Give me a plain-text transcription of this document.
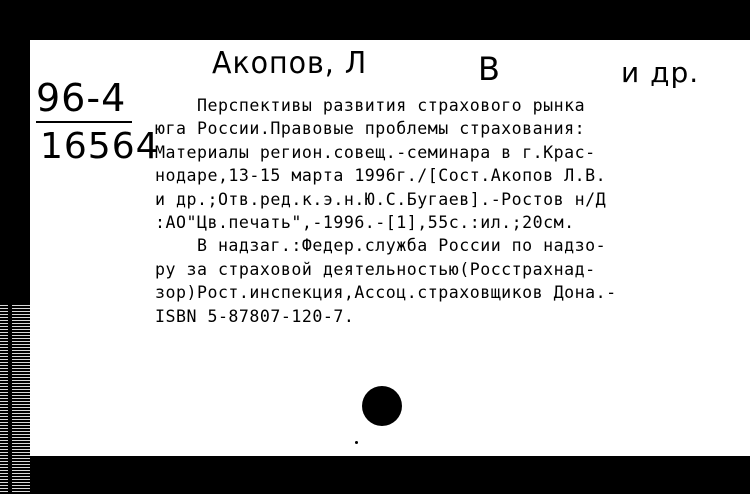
Акопов, Л	В	и др.
96-4
16564
Перспективы развития страхового рынка
юга России.Правовые проблемы страхования:
Материалы регион.совещ.-семинара в г.Крас-
нодаре,13-15 марта 1996г./[Сост.Акопов Л.В.
и др.;Отв.ред.к.э.н.Ю.С.Бугаев].-Ростов н/Д
:АО"Цв.печать",-1996.-[1],55с.:ил.;20см.
В надзаг.:Федер.служба России по надзо-
ру за страховой деятельностью(Росстрахнад-
зор)Рост.инспекция,Ассоц.страховщиков Дона.-
ISBN 5-87807-120-7.
